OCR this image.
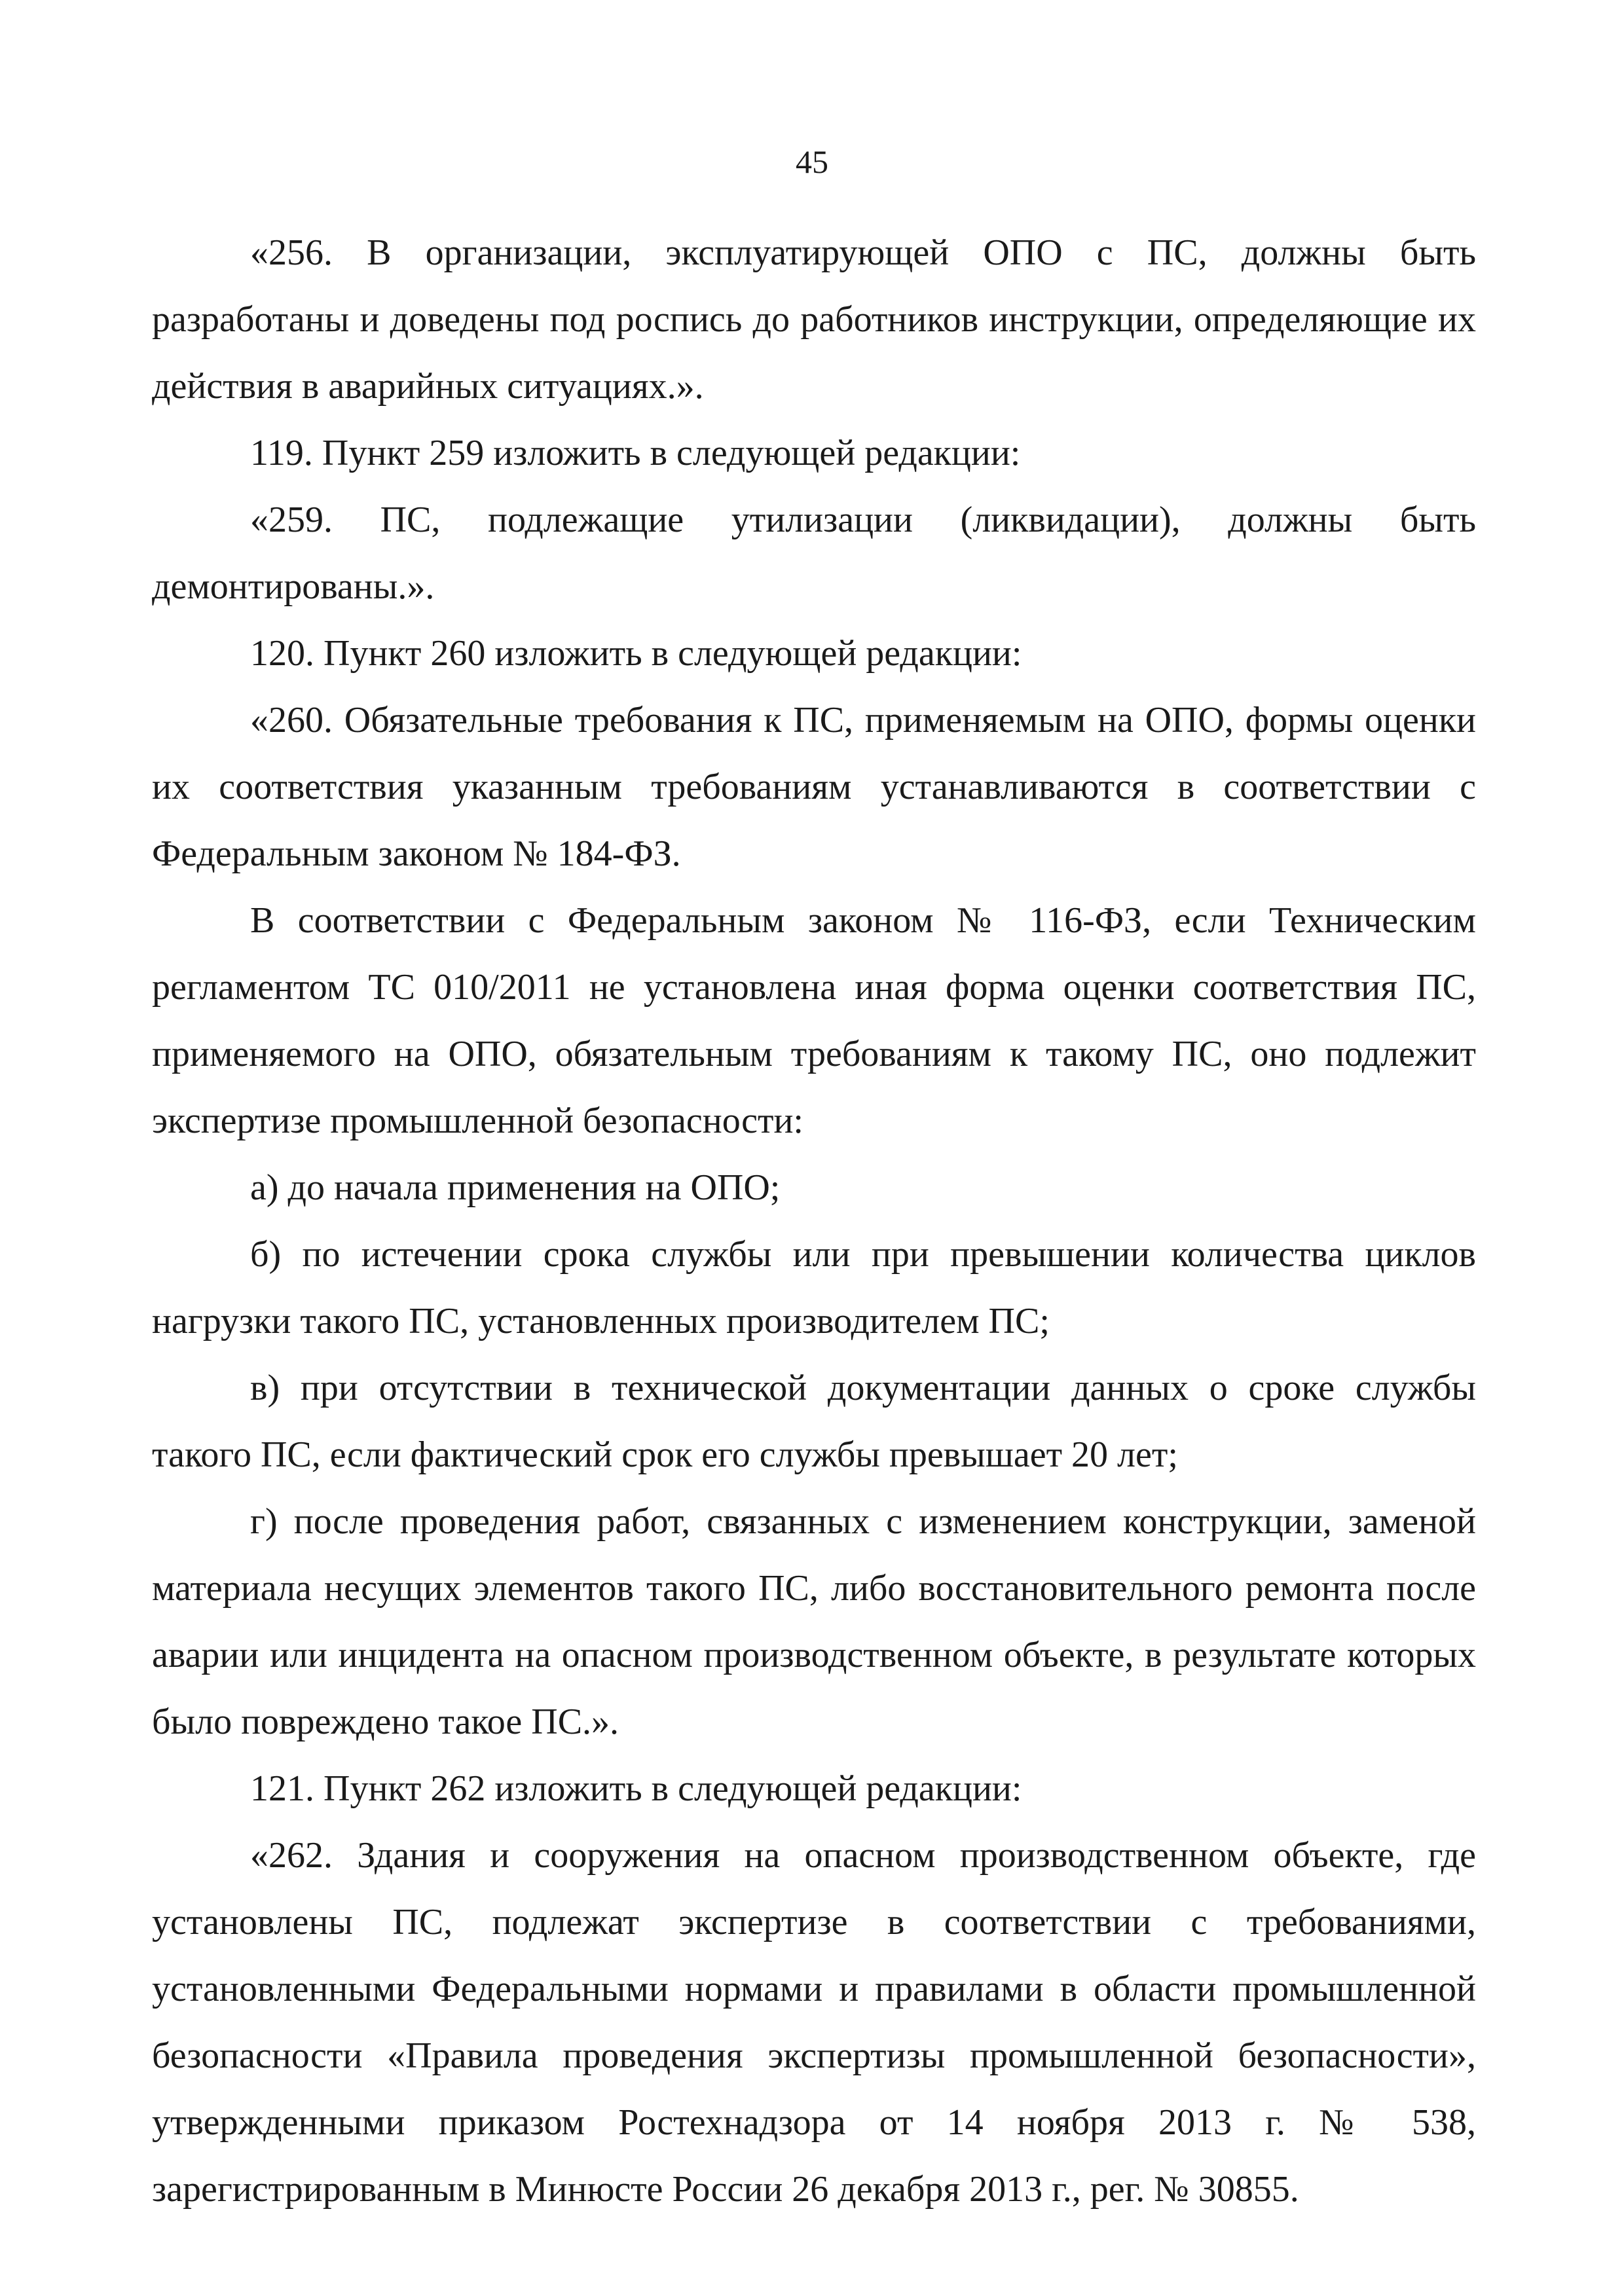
45

«256. В организации, эксплуатирующей ОПО с ПС, должны быть разработаны и доведены под роспись до работников инструкции, определяющие их действия в аварийных ситуациях.».

119. Пункт 259 изложить в следующей редакции:

«259. ПС, подлежащие утилизации (ликвидации), должны быть демонтированы.».

120. Пункт 260 изложить в следующей редакции:

«260. Обязательные требования к ПС, применяемым на ОПО, формы оценки их соответствия указанным требованиям устанавливаются в соответствии с Федеральным законом № 184-ФЗ.

В соответствии с Федеральным законом № 116-ФЗ, если Техническим регламентом ТС 010/2011 не установлена иная форма оценки соответствия ПС, применяемого на ОПО, обязательным требованиям к такому ПС, оно подлежит экспертизе промышленной безопасности:

а) до начала применения на ОПО;

б) по истечении срока службы или при превышении количества циклов нагрузки такого ПС, установленных производителем ПС;

в) при отсутствии в технической документации данных о сроке службы такого ПС, если фактический срок его службы превышает 20 лет;

г) после проведения работ, связанных с изменением конструкции, заменой материала несущих элементов такого ПС, либо восстановительного ремонта после аварии или инцидента на опасном производственном объекте, в результате которых было повреждено такое ПС.».

121. Пункт 262 изложить в следующей редакции:

«262. Здания и сооружения на опасном производственном объекте, где установлены ПС, подлежат экспертизе в соответствии с требованиями, установленными Федеральными нормами и правилами в области промышленной безопасности «Правила проведения экспертизы промышленной безопасности», утвержденными приказом Ростехнадзора от 14 ноября 2013 г. № 538, зарегистрированным в Минюсте России 26 декабря 2013 г., рег. № 30855.
